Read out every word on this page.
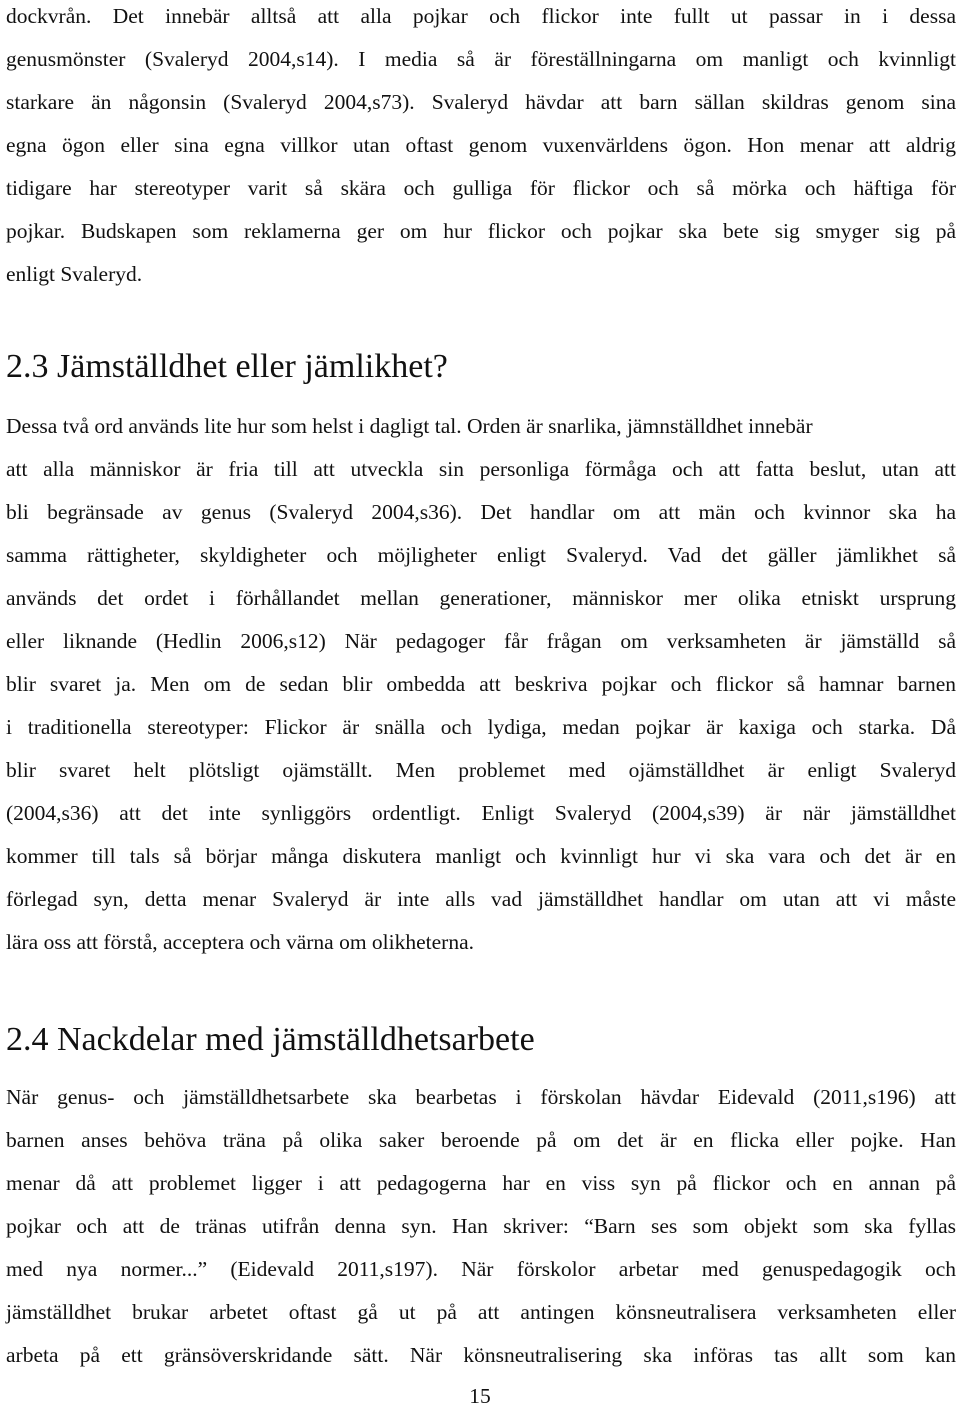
dockvrån. Det innebär alltså att alla pojkar och flickor inte fullt ut passar in i dessa
genusmönster (Svaleryd 2004,s14). I media så är föreställningarna om manligt och kvinnligt
starkare än någonsin (Svaleryd 2004,s73). Svaleryd hävdar att barn sällan skildras genom sina
egna ögon eller sina egna villkor utan oftast genom vuxenvärldens ögon. Hon menar att aldrig
tidigare har stereotyper varit så skära och gulliga för flickor och så mörka och häftiga för
pojkar. Budskapen som reklamerna ger om hur flickor och pojkar ska bete sig smyger sig på
enligt Svaleryd.
2.3 Jämställdhet eller jämlikhet?
Dessa två ord används lite hur som helst i dagligt tal. Orden är snarlika, jämnställdhet innebär
att alla människor är fria till att utveckla sin personliga förmåga och att fatta beslut, utan att
bli begränsade av genus (Svaleryd 2004,s36). Det handlar om att män och kvinnor ska ha
samma rättigheter, skyldigheter och möjligheter enligt Svaleryd. Vad det gäller jämlikhet så
används det ordet i förhållandet mellan generationer, människor mer olika etniskt ursprung
eller liknande (Hedlin 2006,s12) När pedagoger får frågan om verksamheten är jämställd så
blir svaret ja. Men om de sedan blir ombedda att beskriva pojkar och flickor så hamnar barnen
i traditionella stereotyper: Flickor är snälla och lydiga, medan pojkar är kaxiga och starka. Då
blir svaret helt plötsligt ojämställt. Men problemet med ojämställdhet är enligt Svaleryd
(2004,s36) att det inte synliggörs ordentligt. Enligt Svaleryd (2004,s39) är när jämställdhet
kommer till tals så börjar många diskutera manligt och kvinnligt hur vi ska vara och det är en
förlegad syn, detta menar Svaleryd är inte alls vad jämställdhet handlar om utan att vi måste
lära oss att förstå, acceptera och värna om olikheterna.
2.4 Nackdelar med jämställdhetsarbete
När genus- och jämställdhetsarbete ska bearbetas i förskolan hävdar Eidevald (2011,s196) att
barnen anses behöva träna på olika saker beroende på om det är en flicka eller pojke. Han
menar då att problemet ligger i att pedagogerna har en viss syn på flickor och en annan på
pojkar och att de tränas utifrån denna syn. Han skriver: “Barn ses som objekt som ska fyllas
med nya normer...” (Eidevald 2011,s197). När förskolor arbetar med genuspedagogik och
jämställdhet brukar arbetet oftast gå ut på att antingen könsneutralisera verksamheten eller
arbeta på ett gränsöverskridande sätt. När könsneutralisering ska införas tas allt som kan
15
